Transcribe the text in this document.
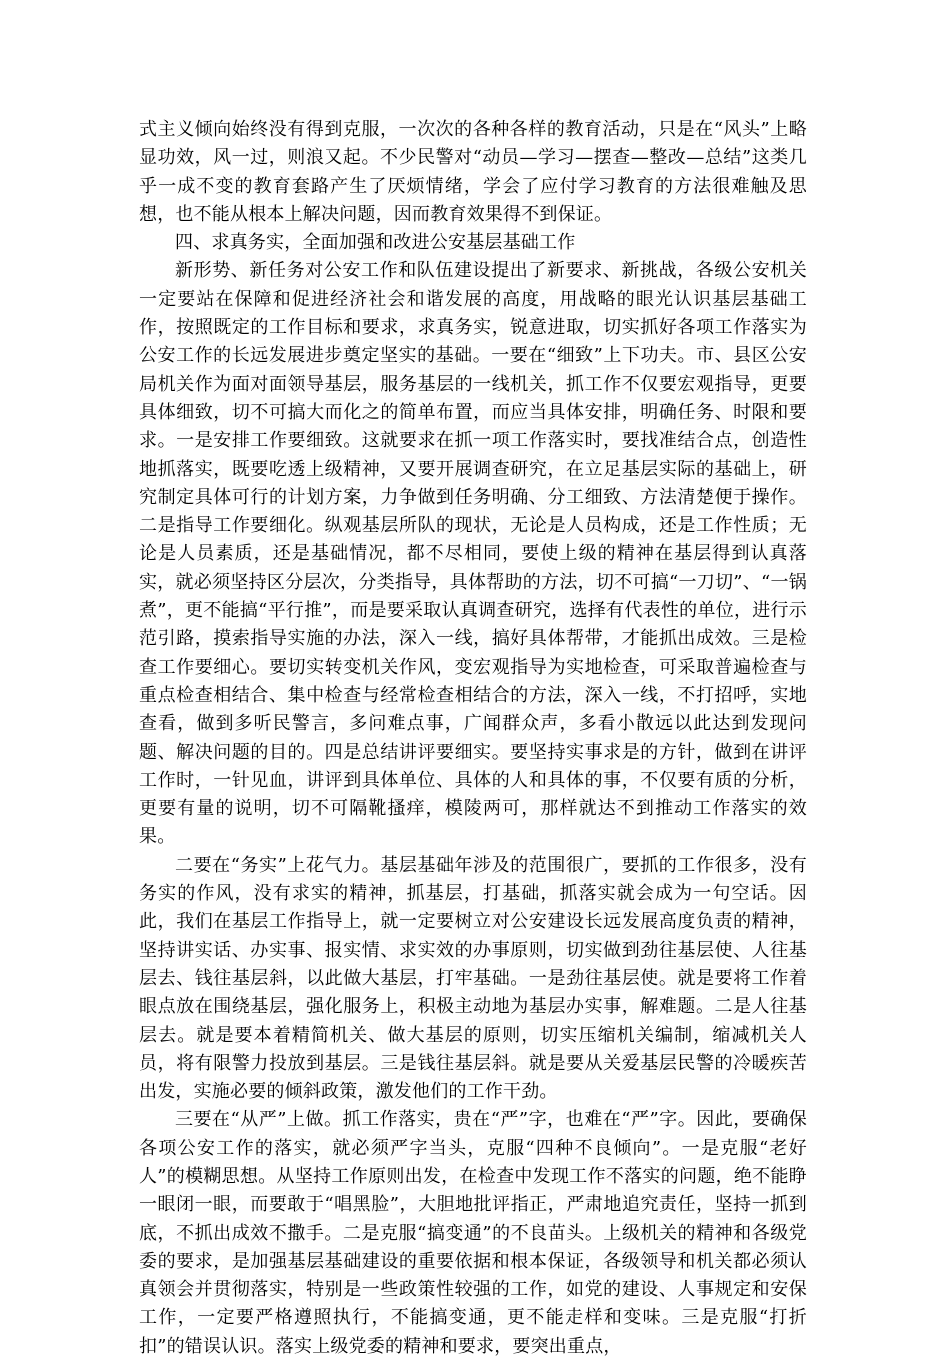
式主义倾向始终没有得到克服，一次次的各种各样的教育活动，只是在“风头”上略显功效，风一过，则浪又起。不少民警对“动员—学习—摆查—整改—总结”这类几乎一成不变的教育套路产生了厌烦情绪，学会了应付学习教育的方法很难触及思想，也不能从根本上解决问题，因而教育效果得不到保证。

四、求真务实，全面加强和改进公安基层基础工作

新形势、新任务对公安工作和队伍建设提出了新要求、新挑战，各级公安机关一定要站在保障和促进经济社会和谐发展的高度，用战略的眼光认识基层基础工作，按照既定的工作目标和要求，求真务实，锐意进取，切实抓好各项工作落实为公安工作的长远发展进步奠定坚实的基础。一要在“细致”上下功夫。市、县区公安局机关作为面对面领导基层，服务基层的一线机关，抓工作不仅要宏观指导，更要具体细致，切不可搞大而化之的简单布置，而应当具体安排，明确任务、时限和要求。一是安排工作要细致。这就要求在抓一项工作落实时，要找准结合点，创造性地抓落实，既要吃透上级精神，又要开展调查研究，在立足基层实际的基础上，研究制定具体可行的计划方案，力争做到任务明确、分工细致、方法清楚便于操作。二是指导工作要细化。纵观基层所队的现状，无论是人员构成，还是工作性质；无论是人员素质，还是基础情况，都不尽相同，要使上级的精神在基层得到认真落实，就必须坚持区分层次，分类指导，具体帮助的方法，切不可搞“一刀切”、“一锅煮”，更不能搞“平行推”，而是要采取认真调查研究，选择有代表性的单位，进行示范引路，摸索指导实施的办法，深入一线，搞好具体帮带，才能抓出成效。三是检查工作要细心。要切实转变机关作风，变宏观指导为实地检查，可采取普遍检查与重点检查相结合、集中检查与经常检查相结合的方法，深入一线，不打招呼，实地查看，做到多听民警言，多问难点事，广闻群众声，多看小散远以此达到发现问题、解决问题的目的。四是总结讲评要细实。要坚持实事求是的方针，做到在讲评工作时，一针见血，讲评到具体单位、具体的人和具体的事，不仅要有质的分析，更要有量的说明，切不可隔靴搔痒，模陵两可，那样就达不到推动工作落实的效果。

二要在“务实”上花气力。基层基础年涉及的范围很广，要抓的工作很多，没有务实的作风，没有求实的精神，抓基层，打基础，抓落实就会成为一句空话。因此，我们在基层工作指导上，就一定要树立对公安建设长远发展高度负责的精神，坚持讲实话、办实事、报实情、求实效的办事原则，切实做到劲往基层使、人往基层去、钱往基层斜，以此做大基层，打牢基础。一是劲往基层使。就是要将工作着眼点放在围绕基层，强化服务上，积极主动地为基层办实事，解难题。二是人往基层去。就是要本着精简机关、做大基层的原则，切实压缩机关编制，缩减机关人员，将有限警力投放到基层。三是钱往基层斜。就是要从关爱基层民警的冷暖疾苦出发，实施必要的倾斜政策，激发他们的工作干劲。

三要在“从严”上做。抓工作落实，贵在“严”字，也难在“严”字。因此，要确保各项公安工作的落实，就必须严字当头，克服“四种不良倾向”。一是克服“老好人”的模糊思想。从坚持工作原则出发，在检查中发现工作不落实的问题，绝不能睁一眼闭一眼，而要敢于“唱黑脸”，大胆地批评指正，严肃地追究责任，坚持一抓到底，不抓出成效不撒手。二是克服“搞变通”的不良苗头。上级机关的精神和各级党委的要求，是加强基层基础建设的重要依据和根本保证，各级领导和机关都必须认真领会并贯彻落实，特别是一些政策性较强的工作，如党的建设、人事规定和安保工作，一定要严格遵照执行，不能搞变通，更不能走样和变味。三是克服“打折扣”的错误认识。落实上级党委的精神和要求，要突出重点，
